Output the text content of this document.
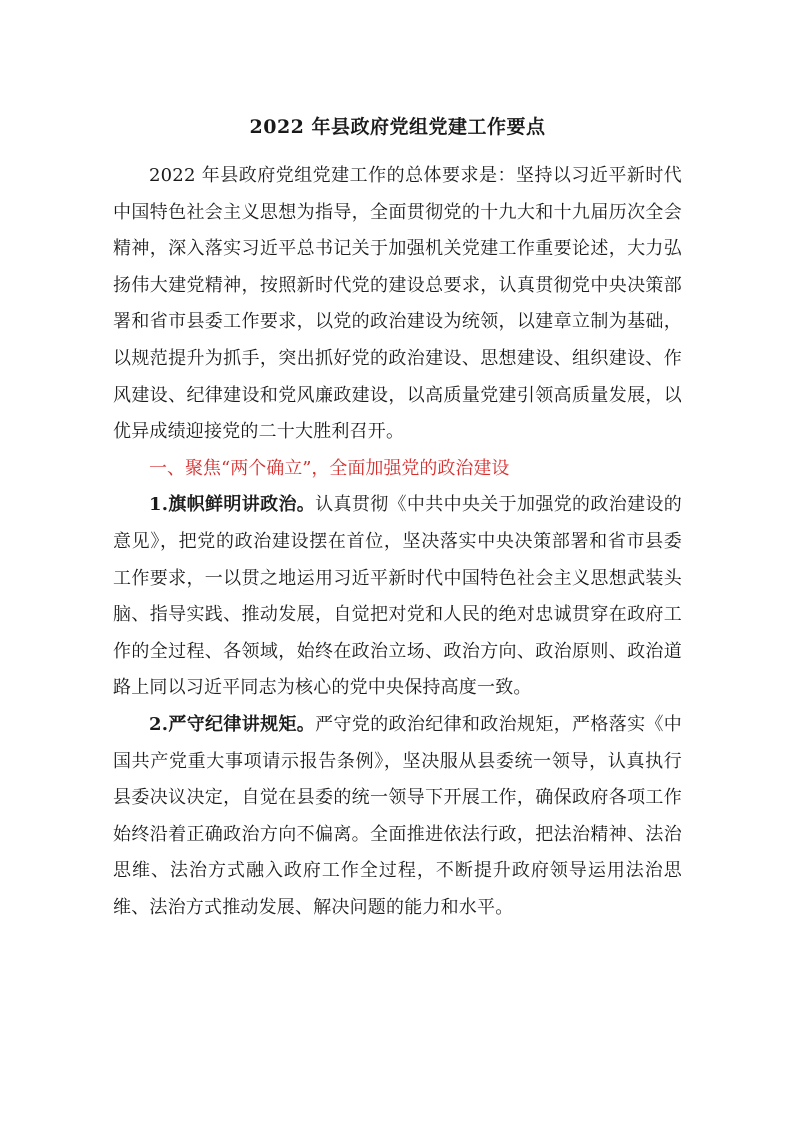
2022 年县政府党组党建工作要点

2022 年县政府党组党建工作的总体要求是：坚持以习近平新时代中国特色社会主义思想为指导，全面贯彻党的十九大和十九届历次全会精神，深入落实习近平总书记关于加强机关党建工作重要论述，大力弘扬伟大建党精神，按照新时代党的建设总要求，认真贯彻党中央决策部署和省市县委工作要求，以党的政治建设为统领，以建章立制为基础，以规范提升为抓手，突出抓好党的政治建设、思想建设、组织建设、作风建设、纪律建设和党风廉政建设，以高质量党建引领高质量发展，以优异成绩迎接党的二十大胜利召开。

一、聚焦“两个确立”，全面加强党的政治建设

1.旗帜鲜明讲政治。认真贯彻《中共中央关于加强党的政治建设的意见》，把党的政治建设摆在首位，坚决落实中央决策部署和省市县委工作要求，一以贯之地运用习近平新时代中国特色社会主义思想武装头脑、指导实践、推动发展，自觉把对党和人民的绝对忠诚贯穿在政府工作的全过程、各领域，始终在政治立场、政治方向、政治原则、政治道路上同以习近平同志为核心的党中央保持高度一致。

2.严守纪律讲规矩。严守党的政治纪律和政治规矩，严格落实《中国共产党重大事项请示报告条例》，坚决服从县委统一领导，认真执行县委决议决定，自觉在县委的统一领导下开展工作，确保政府各项工作始终沿着正确政治方向不偏离。全面推进依法行政，把法治精神、法治思维、法治方式融入政府工作全过程，不断提升政府领导运用法治思维、法治方式推动发展、解决问题的能力和水平。
